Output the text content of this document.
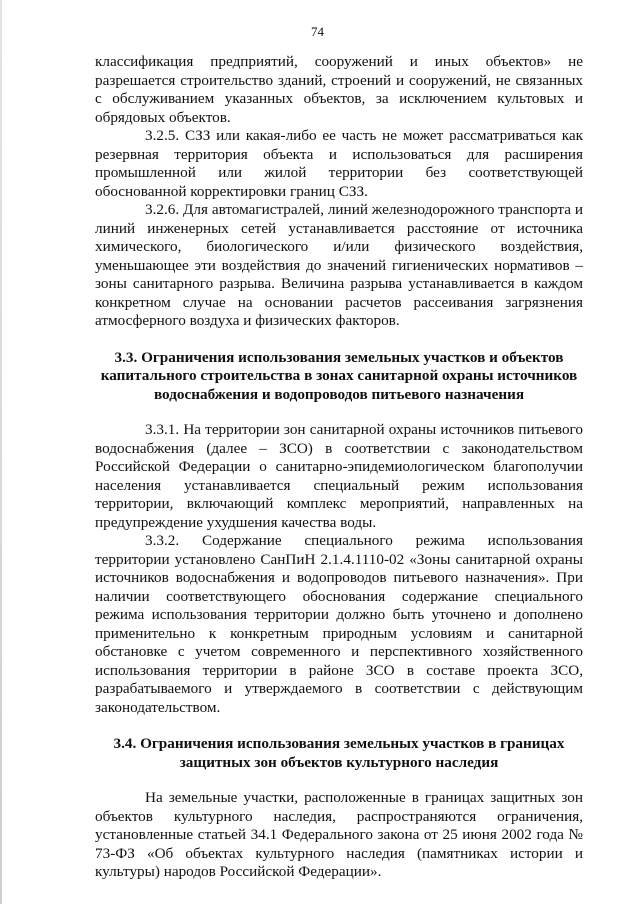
74

классификация предприятий, сооружений и иных объектов» не разрешается строительство зданий, строений и сооружений, не связанных с обслуживанием указанных объектов, за исключением культовых и обрядовых объектов.

3.2.5. СЗЗ или какая-либо ее часть не может рассматриваться как резервная территория объекта и использоваться для расширения промышленной или жилой территории без соответствующей обоснованной корректировки границ СЗЗ.

3.2.6. Для автомагистралей, линий железнодорожного транспорта и линий инженерных сетей устанавливается расстояние от источника химического, биологического и/или физического воздействия, уменьшающее эти воздействия до значений гигиенических нормативов – зоны санитарного разрыва. Величина разрыва устанавливается в каждом конкретном случае на основании расчетов рассеивания загрязнения атмосферного воздуха и физических факторов.

3.3. Ограничения использования земельных участков и объектов капитального строительства в зонах санитарной охраны источников водоснабжения и водопроводов питьевого назначения

3.3.1. На территории зон санитарной охраны источников питьевого водоснабжения (далее – ЗСО) в соответствии с законодательством Российской Федерации о санитарно-эпидемиологическом благополучии населения устанавливается специальный режим использования территории, включающий комплекс мероприятий, направленных на предупреждение ухудшения качества воды.

3.3.2. Содержание специального режима использования территории установлено СанПиН 2.1.4.1110-02 «Зоны санитарной охраны источников водоснабжения и водопроводов питьевого назначения». При наличии соответствующего обоснования содержание специального режима использования территории должно быть уточнено и дополнено применительно к конкретным природным условиям и санитарной обстановке с учетом современного и перспективного хозяйственного использования территории в районе ЗСО в составе проекта ЗСО, разрабатываемого и утверждаемого в соответствии с действующим законодательством.

3.4. Ограничения использования земельных участков в границах защитных зон объектов культурного наследия

На земельные участки, расположенные в границах защитных зон объектов культурного наследия, распространяются ограничения, установленные статьей 34.1 Федерального закона от 25 июня 2002 года № 73-ФЗ «Об объектах культурного наследия (памятниках истории и культуры) народов Российской Федерации».
